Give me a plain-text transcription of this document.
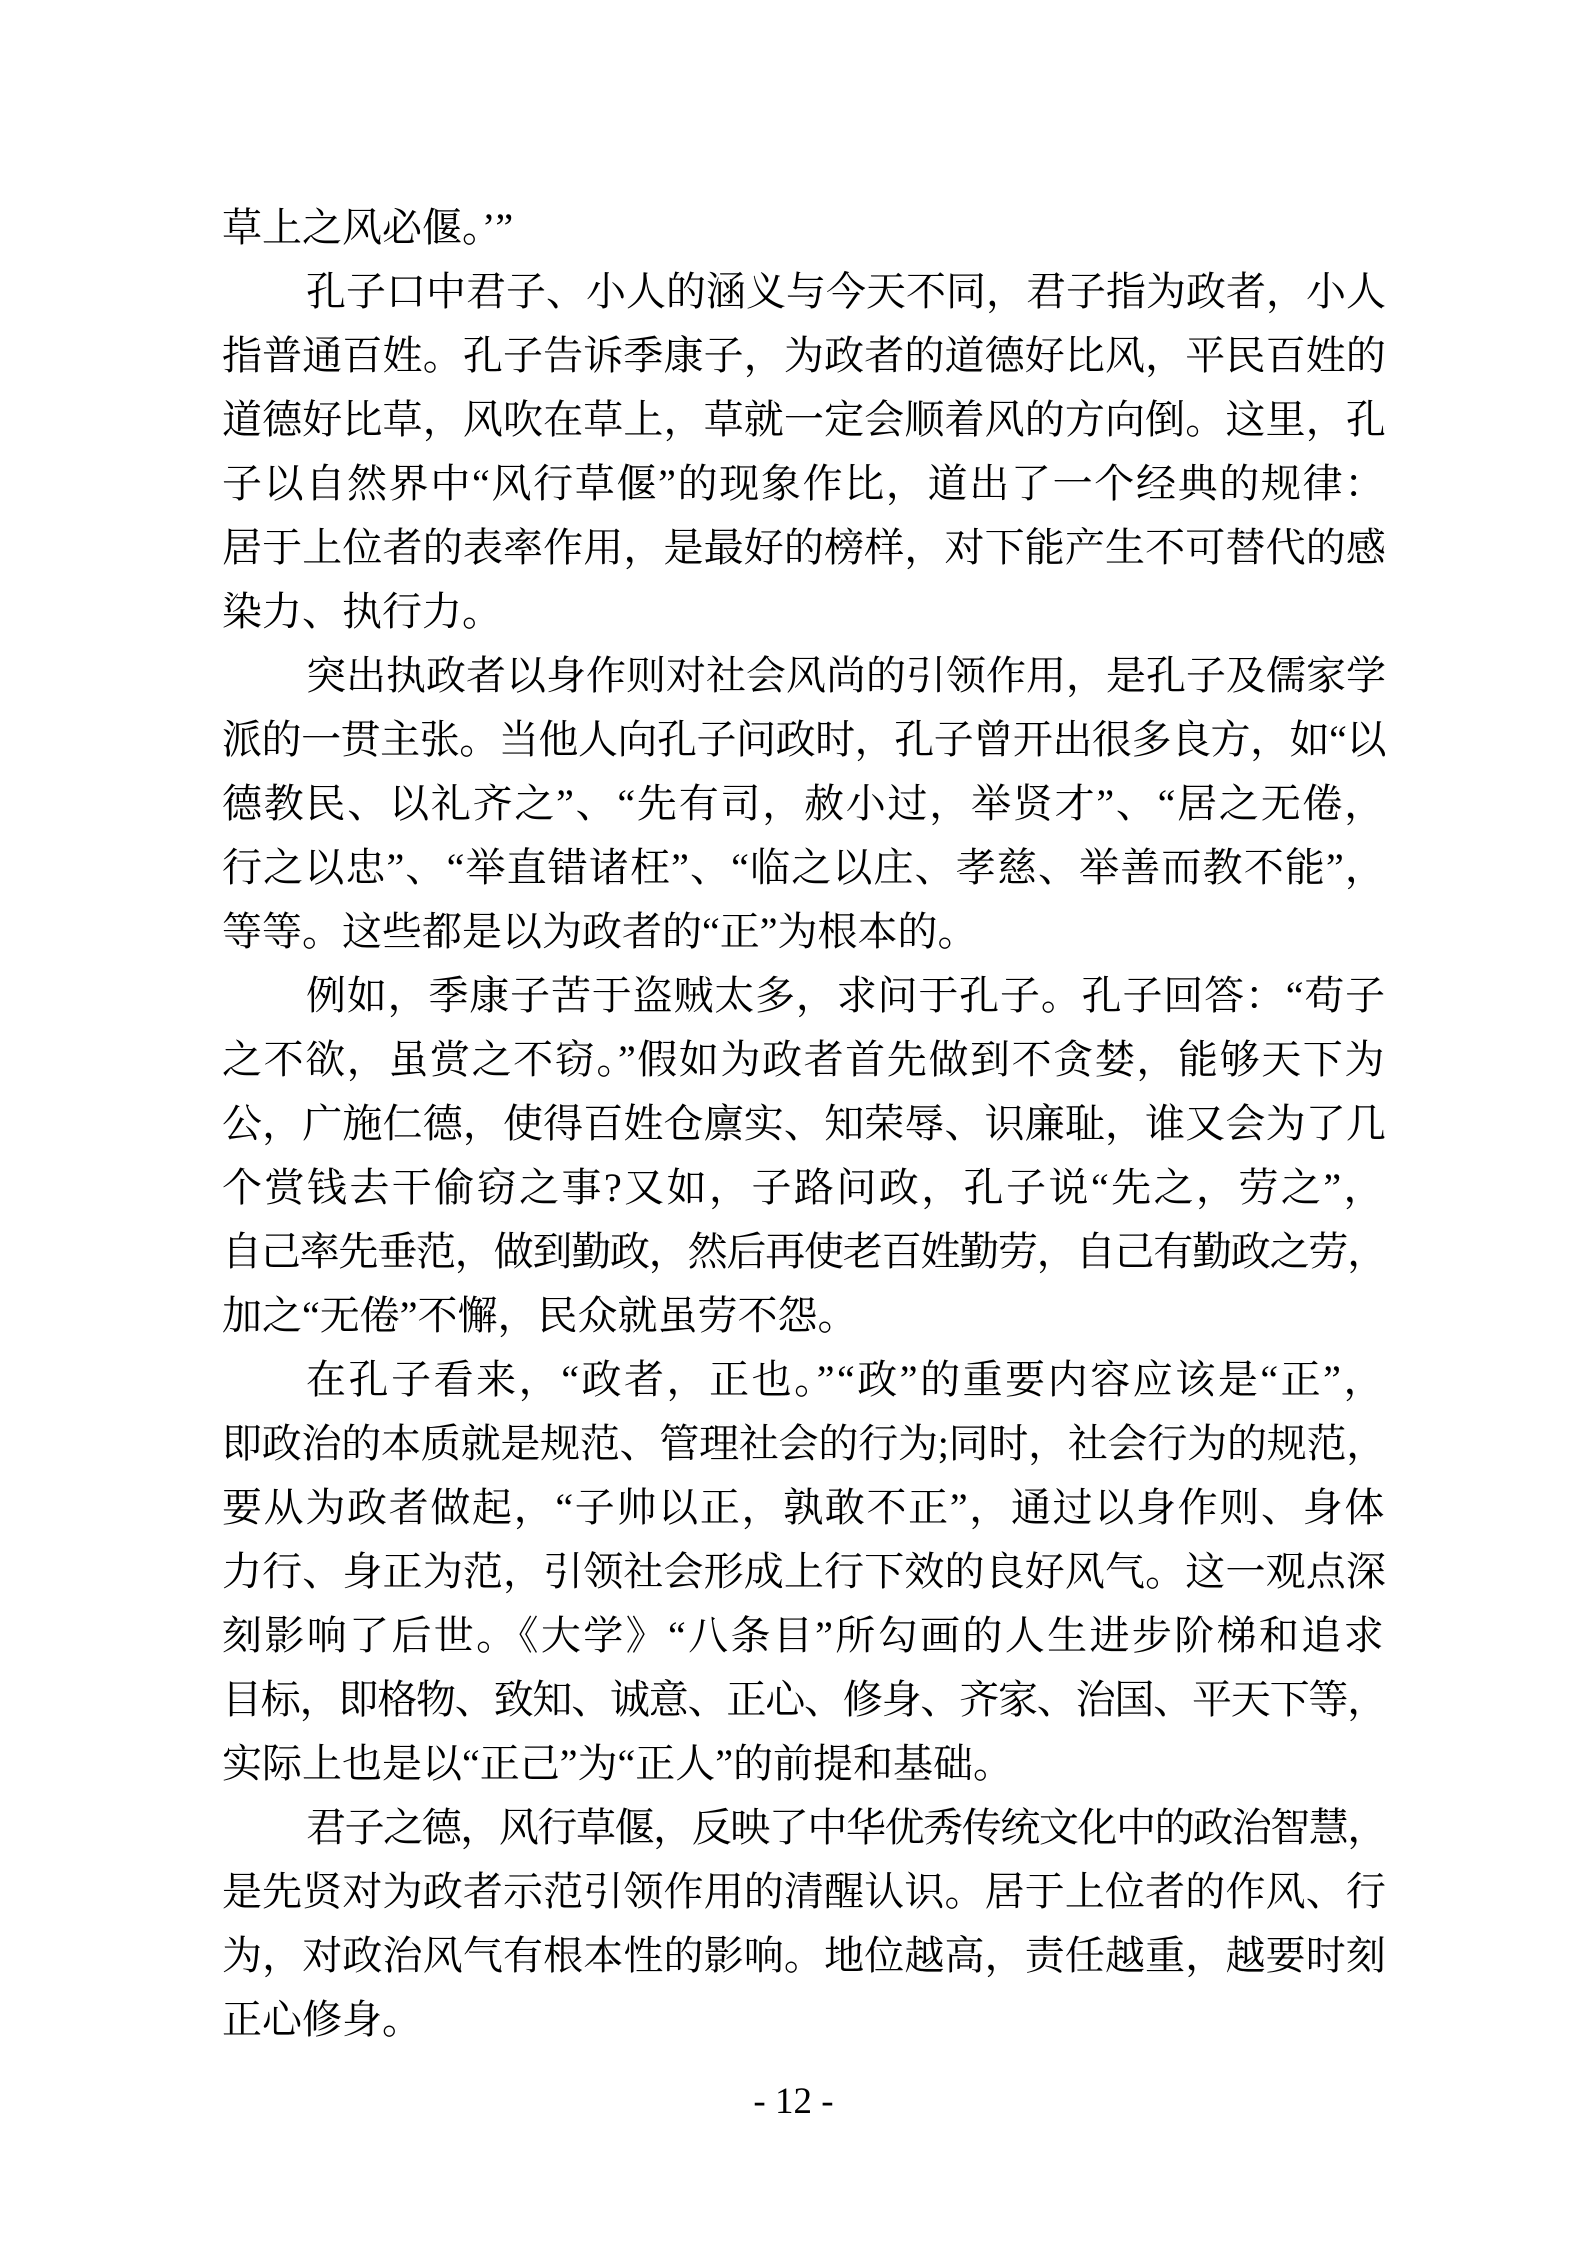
草上之风必偃。’”
孔子口中君子、小人的涵义与今天不同，君子指为政者，小人
指普通百姓。孔子告诉季康子，为政者的道德好比风，平民百姓的
道德好比草，风吹在草上，草就一定会顺着风的方向倒。这里，孔
子以自然界中“风行草偃”的现象作比，道出了一个经典的规律：
居于上位者的表率作用，是最好的榜样，对下能产生不可替代的感
染力、执行力。
突出执政者以身作则对社会风尚的引领作用，是孔子及儒家学
派的一贯主张。当他人向孔子问政时，孔子曾开出很多良方，如“以
德教民、以礼齐之”、“先有司，赦小过，举贤才”、“居之无倦，
行之以忠”、“举直错诸枉”、“临之以庄、孝慈、举善而教不能”，
等等。这些都是以为政者的“正”为根本的。
例如，季康子苦于盗贼太多，求问于孔子。孔子回答：“苟子
之不欲，虽赏之不窃。”假如为政者首先做到不贪婪，能够天下为
公，广施仁德，使得百姓仓廪实、知荣辱、识廉耻，谁又会为了几
个赏钱去干偷窃之事?又如，子路问政，孔子说“先之，劳之”，
自己率先垂范，做到勤政，然后再使老百姓勤劳，自己有勤政之劳，
加之“无倦”不懈，民众就虽劳不怨。
在孔子看来，“政者，正也。”“政”的重要内容应该是“正”，
即政治的本质就是规范、管理社会的行为;同时，社会行为的规范，
要从为政者做起，“子帅以正，孰敢不正”，通过以身作则、身体
力行、身正为范，引领社会形成上行下效的良好风气。这一观点深
刻影响了后世。《大学》“八条目”所勾画的人生进步阶梯和追求
目标，即格物、致知、诚意、正心、修身、齐家、治国、平天下等，
实际上也是以“正己”为“正人”的前提和基础。
君子之德，风行草偃，反映了中华优秀传统文化中的政治智慧，
是先贤对为政者示范引领作用的清醒认识。居于上位者的作风、行
为，对政治风气有根本性的影响。地位越高，责任越重，越要时刻
正心修身。
- 12 -
